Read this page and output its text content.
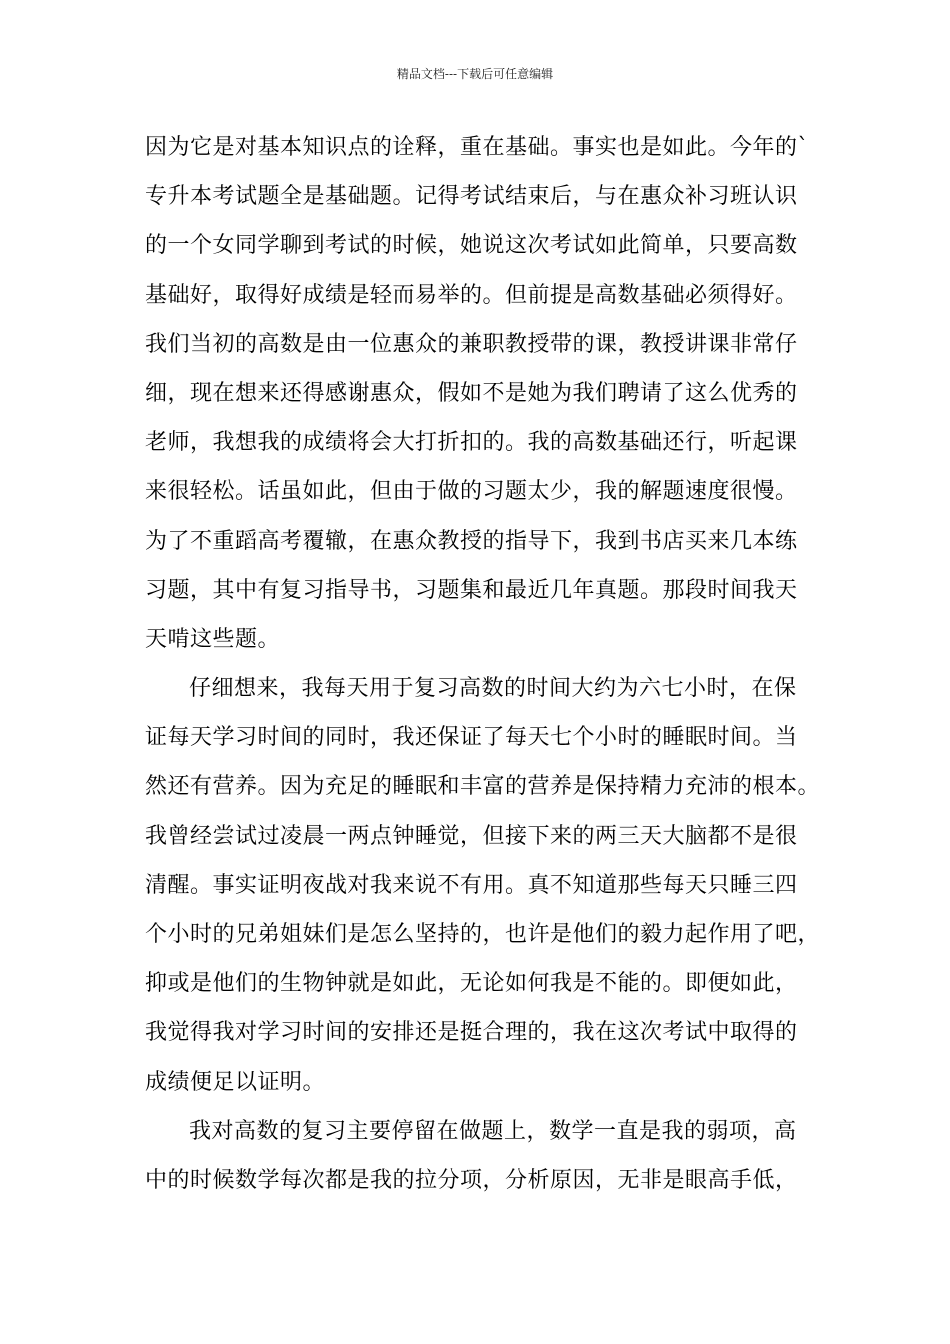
精品文档---下载后可任意编辑
因为它是对基本知识点的诠释，重在基础。事实也是如此。今年的`
专升本考试题全是基础题。记得考试结束后，与在惠众补习班认识
的一个女同学聊到考试的时候，她说这次考试如此简单，只要高数
基础好，取得好成绩是轻而易举的。但前提是高数基础必须得好。
我们当初的高数是由一位惠众的兼职教授带的课，教授讲课非常仔
细，现在想来还得感谢惠众，假如不是她为我们聘请了这么优秀的
老师，我想我的成绩将会大打折扣的。我的高数基础还行，听起课
来很轻松。话虽如此，但由于做的习题太少，我的解题速度很慢。
为了不重蹈高考覆辙，在惠众教授的指导下，我到书店买来几本练
习题，其中有复习指导书，习题集和最近几年真题。那段时间我天
天啃这些题。
仔细想来，我每天用于复习高数的时间大约为六七小时，在保
证每天学习时间的同时，我还保证了每天七个小时的睡眠时间。当
然还有营养。因为充足的睡眠和丰富的营养是保持精力充沛的根本。
我曾经尝试过凌晨一两点钟睡觉，但接下来的两三天大脑都不是很
清醒。事实证明夜战对我来说不有用。真不知道那些每天只睡三四
个小时的兄弟姐妹们是怎么坚持的，也许是他们的毅力起作用了吧，
抑或是他们的生物钟就是如此，无论如何我是不能的。即便如此，
我觉得我对学习时间的安排还是挺合理的，我在这次考试中取得的
成绩便足以证明。
我对高数的复习主要停留在做题上，数学一直是我的弱项，高
中的时候数学每次都是我的拉分项，分析原因，无非是眼高手低，
